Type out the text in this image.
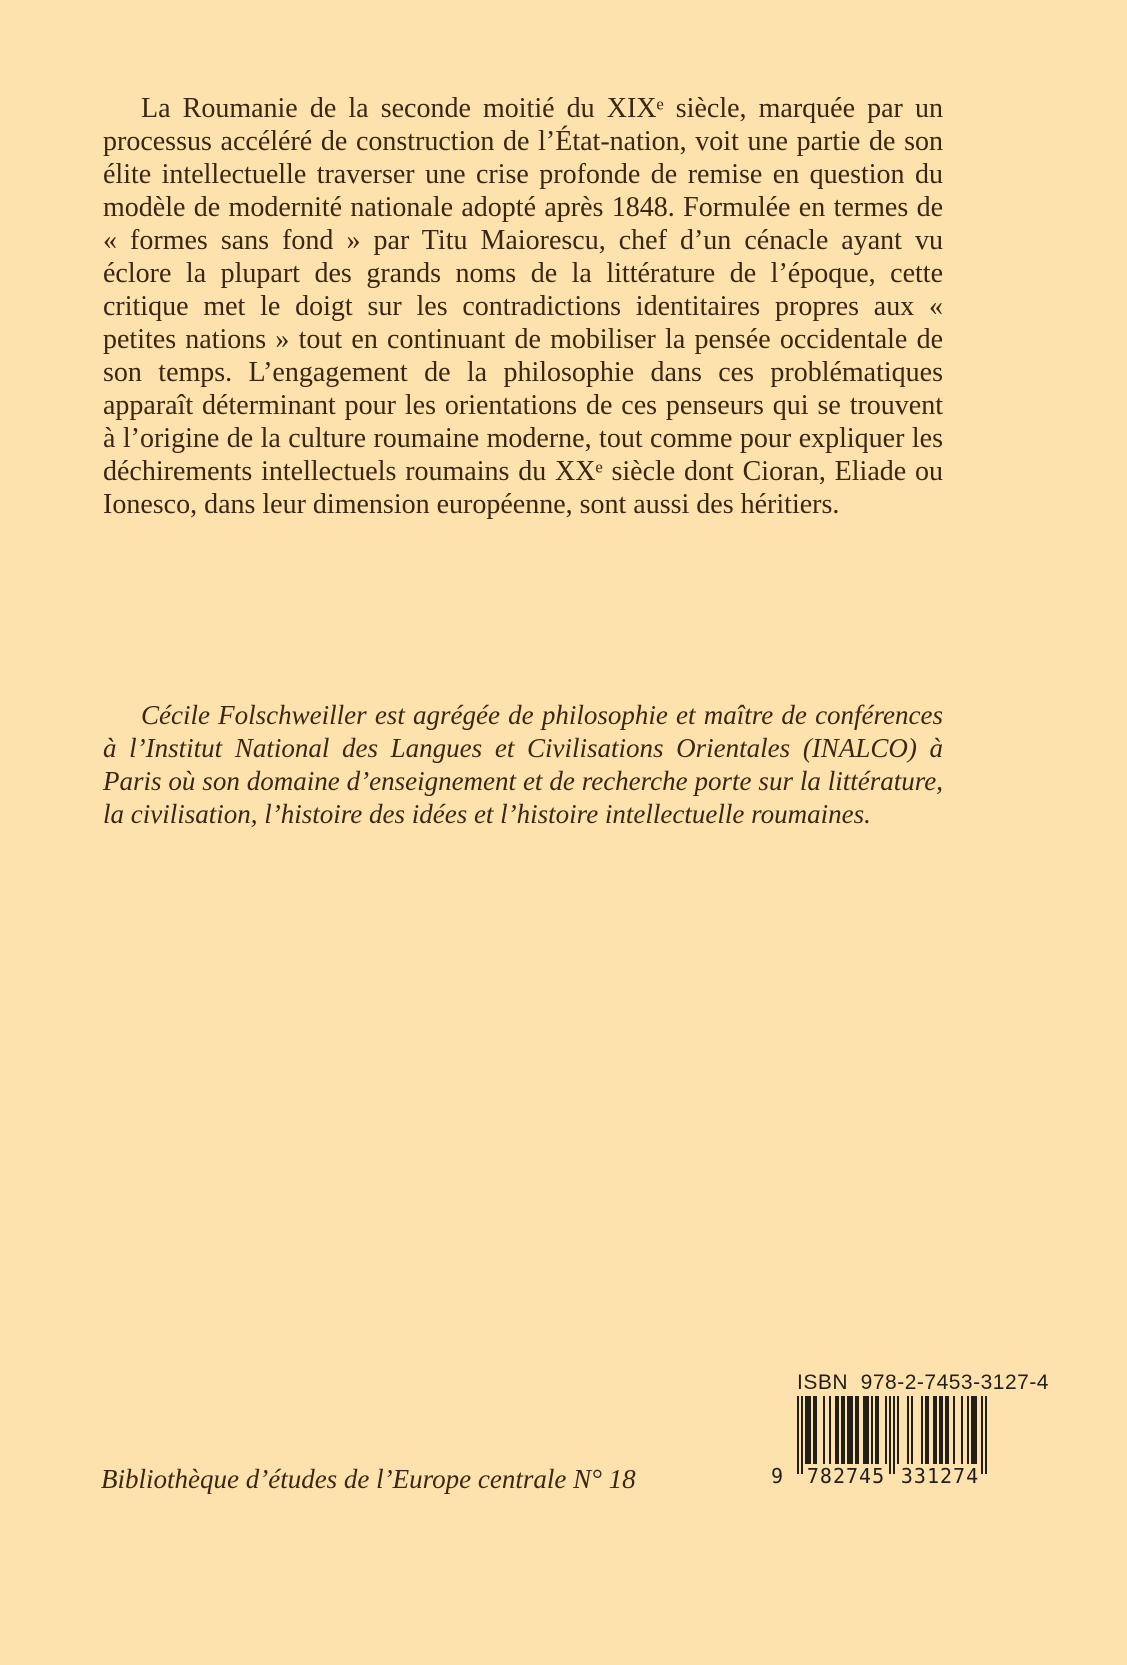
La Roumanie de la seconde moitié du XIXᵉ siècle, marquée par un processus accéléré de construction de l’État-nation, voit une partie de son élite intellectuelle traverser une crise profonde de remise en question du modèle de modernité nationale adopté après 1848. Formulée en termes de « formes sans fond » par Titu Maiorescu, chef d’un cénacle ayant vu éclore la plupart des grands noms de la littérature de l’époque, cette critique met le doigt sur les contradictions identitaires propres aux « petites nations » tout en continuant de mobiliser la pensée occidentale de son temps. L’engagement de la philosophie dans ces problématiques apparaît déterminant pour les orientations de ces penseurs qui se trouvent à l’origine de la culture roumaine moderne, tout comme pour expliquer les déchirements intellectuels roumains du XXᵉ siècle dont Cioran, Eliade ou Ionesco, dans leur dimension européenne, sont aussi des héritiers.

Cécile Folschweiller est agrégée de philosophie et maître de conférences à l’Institut National des Langues et Civilisations Orientales (INALCO) à Paris où son domaine d’enseignement et de recherche porte sur la littérature, la civilisation, l’histoire des idées et l’histoire intellectuelle roumaines.

Bibliothèque d’études de l’Europe centrale N° 18

ISBN  978-2-7453-3127-4
9 782745 331274
